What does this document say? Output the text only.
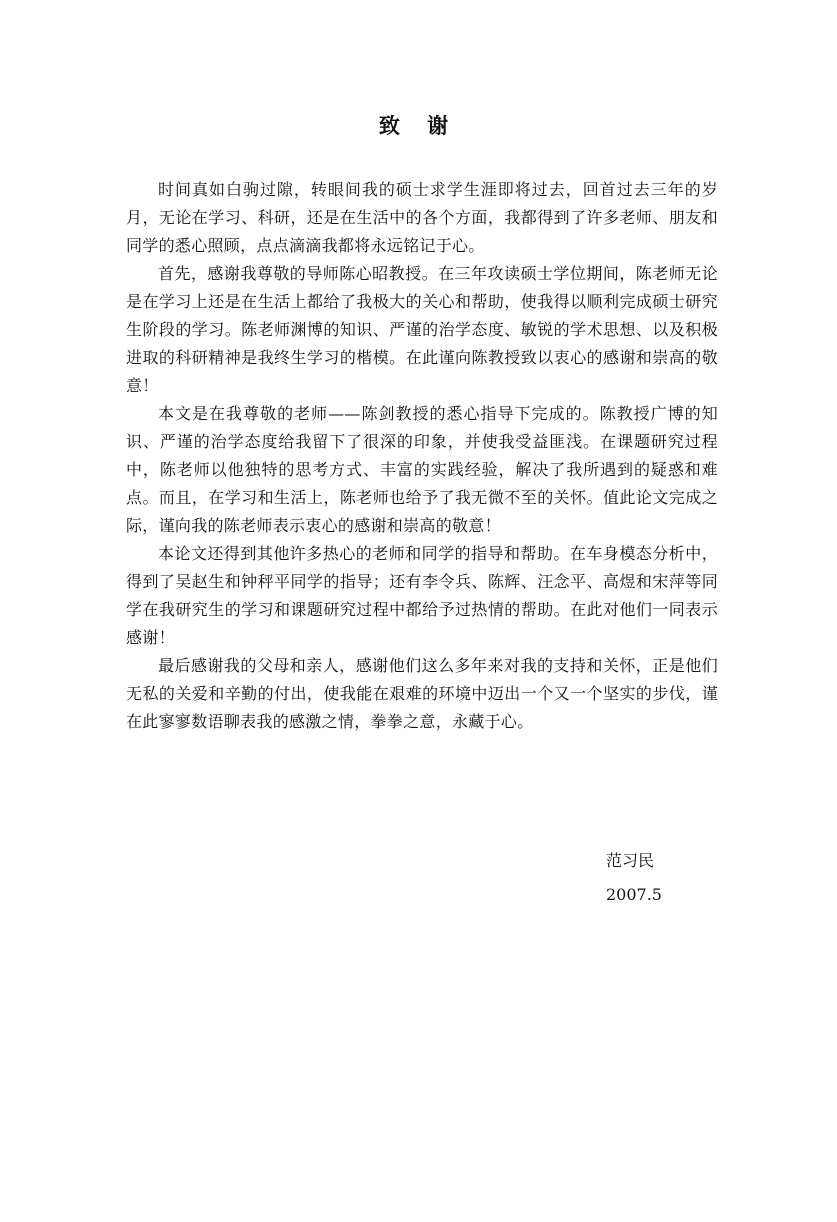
致 谢

时间真如白驹过隙，转眼间我的硕士求学生涯即将过去，回首过去三年的岁月，无论在学习、科研，还是在生活中的各个方面，我都得到了许多老师、朋友和同学的悉心照顾，点点滴滴我都将永远铭记于心。

首先，感谢我尊敬的导师陈心昭教授。在三年攻读硕士学位期间，陈老师无论是在学习上还是在生活上都给了我极大的关心和帮助，使我得以顺利完成硕士研究生阶段的学习。陈老师渊博的知识、严谨的治学态度、敏锐的学术思想、以及积极进取的科研精神是我终生学习的楷模。在此谨向陈教授致以衷心的感谢和崇高的敬意！

本文是在我尊敬的老师——陈剑教授的悉心指导下完成的。陈教授广博的知识、严谨的治学态度给我留下了很深的印象，并使我受益匪浅。在课题研究过程中，陈老师以他独特的思考方式、丰富的实践经验，解决了我所遇到的疑惑和难点。而且，在学习和生活上，陈老师也给予了我无微不至的关怀。值此论文完成之际，谨向我的陈老师表示衷心的感谢和崇高的敬意！

本论文还得到其他许多热心的老师和同学的指导和帮助。在车身模态分析中，得到了吴赵生和钟秤平同学的指导；还有李令兵、陈辉、汪念平、高煜和宋萍等同学在我研究生的学习和课题研究过程中都给予过热情的帮助。在此对他们一同表示感谢！

最后感谢我的父母和亲人，感谢他们这么多年来对我的支持和关怀，正是他们无私的关爱和辛勤的付出，使我能在艰难的环境中迈出一个又一个坚实的步伐，谨在此寥寥数语聊表我的感激之情，拳拳之意，永藏于心。

范习民
2007.5
